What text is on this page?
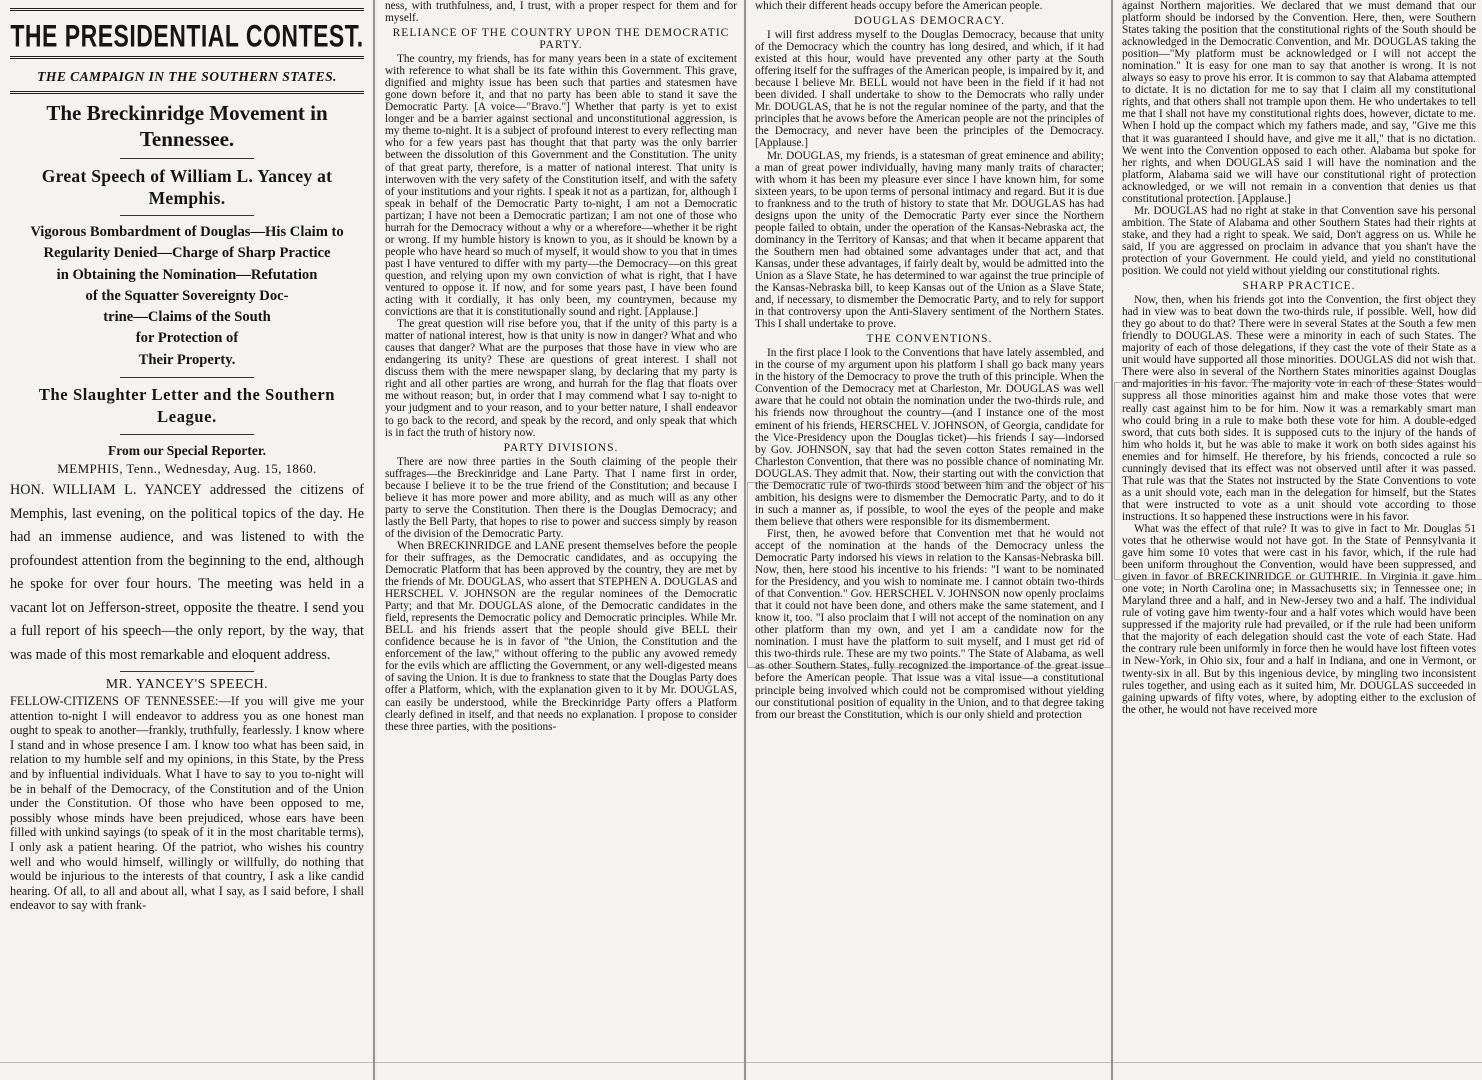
THE PRESIDENTIAL CONTEST.
THE CAMPAIGN IN THE SOUTHERN STATES.
The Breckinridge Movement in Tennessee.
Great Speech of William L. Yancey at Memphis.
Vigorous Bombardment of Douglas—His Claim to
Regularity Denied—Charge of Sharp Practice
in Obtaining the Nomination—Refutation
of the Squatter Sovereignty Doc-
trine—Claims of the South
for Protection of
Their Property.
The Slaughter Letter and the Southern League.
From our Special Reporter.
MEMPHIS, Tenn., Wednesday, Aug. 15, 1860.

HON. WILLIAM L. YANCEY addressed the citizens of Memphis, last evening, on the political topics of the day. He had an immense audience, and was listened to with the profoundest attention from the beginning to the end, although he spoke for over four hours. The meeting was held in a vacant lot on Jefferson-street, opposite the theatre. I send you a full report of his speech—the only report, by the way, that was made of this most remarkable and eloquent address.

MR. YANCEY'S SPEECH.

FELLOW-CITIZENS OF TENNESSEE:—If you will give me your attention to-night I will endeavor to address you as one honest man ought to speak to another—frankly, truthfully, fearlessly. I know where I stand and in whose presence I am. I know too what has been said, in relation to my humble self and my opinions, in this State, by the Press and by influential individuals. What I have to say to you to-night will be in behalf of the Democracy, of the Constitution and of the Union under the Constitution. Of those who have been opposed to me, possibly whose minds have been prejudiced, whose ears have been filled with unkind sayings (to speak of it in the most charitable terms), I only ask a patient hearing. Of the patriot, who wishes his country well and who would himself, willingly or willfully, do nothing that would be injurious to the interests of that country, I ask a like candid hearing. Of all, to all and about all, what I say, as I said before, I shall endeavor to say with frank-

ness, with truthfulness, and, I trust, with a proper respect for them and for myself.

RELIANCE OF THE COUNTRY UPON THE DEMOCRATIC PARTY.

The country, my friends, has for many years been in a state of excitement with reference to what shall be its fate within this Government. This grave, dignified and mighty issue has been such that parties and statesmen have gone down before it, and that no party has been able to stand it save the Democratic Party. [A voice—"Bravo."] Whether that party is yet to exist longer and be a barrier against sectional and unconstitutional aggression, is my theme to-night. It is a subject of profound interest to every reflecting man who for a few years past has thought that that party was the only barrier between the dissolution of this Government and the Constitution. The unity of that great party, therefore, is a matter of national interest. That unity is interwoven with the very safety of the Constitution itself, and with the safety of your institutions and your rights. I speak it not as a partizan, for, although I speak in behalf of the Democratic Party to-night, I am not a Democratic partizan; I have not been a Democratic partizan; I am not one of those who hurrah for the Democracy without a why or a wherefore—whether it be right or wrong. If my humble history is known to you, as it should be known by a people who have heard so much of myself, it would show to you that in times past I have ventured to differ with my party—the Democracy—on this great question, and relying upon my own conviction of what is right, that I have ventured to oppose it. If now, and for some years past, I have been found acting with it cordially, it has only been, my countrymen, because my convictions are that it is constitutionally sound and right. [Applause.]

The great question will rise before you, that if the unity of this party is a matter of national interest, how is that unity is now in danger? What and who causes that danger? What are the purposes that those have in view who are endangering its unity? These are questions of great interest. I shall not discuss them with the mere newspaper slang, by declaring that my party is right and all other parties are wrong, and hurrah for the flag that floats over me without reason; but, in order that I may commend what I say to-night to your judgment and to your reason, and to your better nature, I shall endeavor to go back to the record, and speak by the record, and only speak that which is in fact the truth of history now.

PARTY DIVISIONS.

There are now three parties in the South claiming of the people their suffrages—the Breckinridge and Lane Party. That I name first in order, because I believe it to be the true friend of the Constitution; and because I believe it has more power and more ability, and as much will as any other party to serve the Constitution. Then there is the Douglas Democracy; and lastly the Bell Party, that hopes to rise to power and success simply by reason of the division of the Democratic Party.

When BRECKINRIDGE and LANE present themselves before the people for their suffrages, as the Democratic candidates, and as occupying the Democratic Platform that has been approved by the country, they are met by the friends of Mr. DOUGLAS, who assert that STEPHEN A. DOUGLAS and HERSCHEL V. JOHNSON are the regular nominees of the Democratic Party; and that Mr. DOUGLAS alone, of the Democratic candidates in the field, represents the Democratic policy and Democratic principles. While Mr. BELL and his friends assert that the people should give BELL their confidence because he is in favor of "the Union, the Constitution and the enforcement of the law," without offering to the public any avowed remedy for the evils which are afflicting the Government, or any well-digested means of saving the Union. It is due to frankness to state that the Douglas Party does offer a Platform, which, with the explanation given to it by Mr. DOUGLAS, can easily be understood, while the Breckinridge Party offers a Platform clearly defined in itself, and that needs no explanation. I propose to consider these three parties, with the positions-

which their different heads occupy before the American people.

DOUGLAS DEMOCRACY.

I will first address myself to the Douglas Democracy, because that unity of the Democracy which the country has long desired, and which, if it had existed at this hour, would have prevented any other party at the South offering itself for the suffrages of the American people, is impaired by it, and because I believe Mr. BELL would not have been in the field if it had not been divided. I shall undertake to show to the Democrats who rally under Mr. DOUGLAS, that he is not the regular nominee of the party, and that the principles that he avows before the American people are not the principles of the Democracy, and never have been the principles of the Democracy. [Applause.]

Mr. DOUGLAS, my friends, is a statesman of great eminence and ability; a man of great power individually, having many manly traits of character; with whom it has been my pleasure ever since I have known him, for some sixteen years, to be upon terms of personal intimacy and regard. But it is due to frankness and to the truth of history to state that Mr. DOUGLAS has had designs upon the unity of the Democratic Party ever since the Northern people failed to obtain, under the operation of the Kansas-Nebraska act, the dominancy in the Territory of Kansas; and that when it became apparent that the Southern men had obtained some advantages under that act, and that Kansas, under these advantages, if fairly dealt by, would be admitted into the Union as a Slave State, he has determined to war against the true principle of the Kansas-Nebraska bill, to keep Kansas out of the Union as a Slave State, and, if necessary, to dismember the Democratic Party, and to rely for support in that controversy upon the Anti-Slavery sentiment of the Northern States. This I shall undertake to prove.

THE CONVENTIONS.

In the first place I look to the Conventions that have lately assembled, and in the course of my argument upon his platform I shall go back many years in the history of the Democracy to prove the truth of this principle. When the Convention of the Democracy met at Charleston, Mr. DOUGLAS was well aware that he could not obtain the nomination under the two-thirds rule, and his friends now throughout the country—(and I instance one of the most eminent of his friends, HERSCHEL V. JOHNSON, of Georgia, candidate for the Vice-Presidency upon the Douglas ticket)—his friends I say—indorsed by Gov. JOHNSON, say that had the seven cotton States remained in the Charleston Convention, that there was no possible chance of nominating Mr. DOUGLAS. They admit that. Now, their starting out with the conviction that the Democratic rule of two-thirds stood between him and the object of his ambition, his designs were to dismember the Democratic Party, and to do it in such a manner as, if possible, to wool the eyes of the people and make them believe that others were responsible for its dismemberment.

First, then, he avowed before that Convention met that he would not accept of the nomination at the hands of the Democracy unless the Democratic Party indorsed his views in relation to the Kansas-Nebraska bill. Now, then, here stood his incentive to his friends: "I want to be nominated for the Presidency, and you wish to nominate me. I cannot obtain two-thirds of that Convention." Gov. HERSCHEL V. JOHNSON now openly proclaims that it could not have been done, and others make the same statement, and I know it, too. "I also proclaim that I will not accept of the nomination on any other platform than my own, and yet I am a candidate now for the nomination. I must have the platform to suit myself, and I must get rid of this two-thirds rule. These are my two points." The State of Alabama, as well as other Southern States, fully recognized the importance of the great issue before the American people. That issue was a vital issue—a constitutional principle being involved which could not be compromised without yielding our constitutional position of equality in the Union, and to that degree taking from our breast the Constitution, which is our only shield and protection

against Northern majorities. We declared that we must demand that our platform should be indorsed by the Convention. Here, then, were Southern States taking the position that the constitutional rights of the South should be acknowledged in the Democratic Convention, and Mr. DOUGLAS taking the position—"My platform must be acknowledged or I will not accept the nomination." It is easy for one man to say that another is wrong. It is not always so easy to prove his error. It is common to say that Alabama attempted to dictate. It is no dictation for me to say that I claim all my constitutional rights, and that others shall not trample upon them. He who undertakes to tell me that I shall not have my constitutional rights does, however, dictate to me. When I hold up the compact which my fathers made, and say, "Give me this that it was guaranteed I should have, and give me it all," that is no dictation. We went into the Convention opposed to each other. Alabama but spoke for her rights, and when DOUGLAS said I will have the nomination and the platform, Alabama said we will have our constitutional right of protection acknowledged, or we will not remain in a convention that denies us that constitutional protection. [Applause.]

Mr. DOUGLAS had no right at stake in that Convention save his personal ambition. The State of Alabama and other Southern States had their rights at stake, and they had a right to speak. We said, Don't aggress on us. While he said, If you are aggressed on proclaim in advance that you shan't have the protection of your Government. He could yield, and yield no constitutional position. We could not yield without yielding our constitutional rights.

SHARP PRACTICE.

Now, then, when his friends got into the Convention, the first object they had in view was to beat down the two-thirds rule, if possible. Well, how did they go about to do that? There were in several States at the South a few men friendly to DOUGLAS. These were a minority in each of such States. The majority of each of those delegations, if they cast the vote of their State as a unit would have supported all those minorities. DOUGLAS did not wish that. There were also in several of the Northern States minorities against Douglas and majorities in his favor. The majority vote in each of these States would suppress all those minorities against him and make those votes that were really cast against him to be for him. Now it was a remarkably smart man who could bring in a rule to make both these vote for him. A double-edged sword, that cuts both sides. It is supposed cuts to the injury of the hands of him who holds it, but he was able to make it work on both sides against his enemies and for himself. He therefore, by his friends, concocted a rule so cunningly devised that its effect was not observed until after it was passed. That rule was that the States not instructed by the State Conventions to vote as a unit should vote, each man in the delegation for himself, but the States that were instructed to vote as a unit should vote according to those instructions. It so happened these instructions were in his favor.

What was the effect of that rule? It was to give in fact to Mr. Douglas 51 votes that he otherwise would not have got. In the State of Pennsylvania it gave him some 10 votes that were cast in his favor, which, if the rule had been uniform throughout the Convention, would have been suppressed, and given in favor of BRECKINRIDGE or GUTHRIE. In Virginia it gave him one vote; in North Carolina one; in Massachusetts six; in Tennessee one; in Maryland three and a half, and in New-Jersey two and a half. The individual rule of voting gave him twenty-four and a half votes which would have been suppressed if the majority rule had prevailed, or if the rule had been uniform that the majority of each delegation should cast the vote of each State. Had the contrary rule been uniformly in force then he would have lost fifteen votes in New-York, in Ohio six, four and a half in Indiana, and one in Vermont, or twenty-six in all. But by this ingenious device, by mingling two inconsistent rules together, and using each as it suited him, Mr. DOUGLAS succeeded in gaining upwards of fifty votes, where, by adopting either to the exclusion of the other, he would not have received more
